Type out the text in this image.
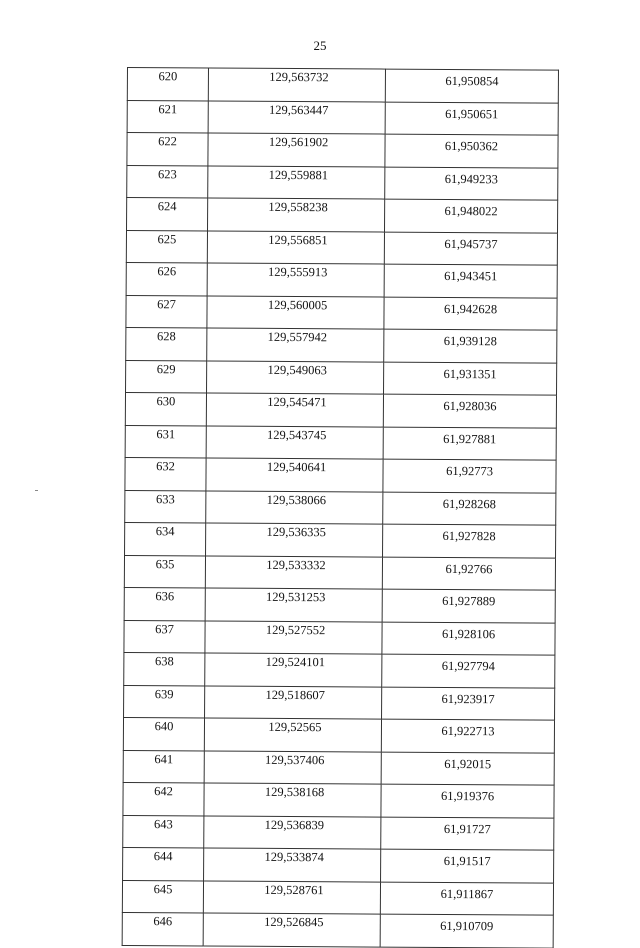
25
620	129,563732	61,950854
621	129,563447	61,950651
622	129,561902	61,950362
623	129,559881	61,949233
624	129,558238	61,948022
625	129,556851	61,945737
626	129,555913	61,943451
627	129,560005	61,942628
628	129,557942	61,939128
629	129,549063	61,931351
630	129,545471	61,928036
631	129,543745	61,927881
632	129,540641	61,92773
633	129,538066	61,928268
634	129,536335	61,927828
635	129,533332	61,92766
636	129,531253	61,927889
637	129,527552	61,928106
638	129,524101	61,927794
639	129,518607	61,923917
640	129,52565	61,922713
641	129,537406	61,92015
642	129,538168	61,919376
643	129,536839	61,91727
644	129,533874	61,91517
645	129,528761	61,911867
646	129,526845	61,910709
